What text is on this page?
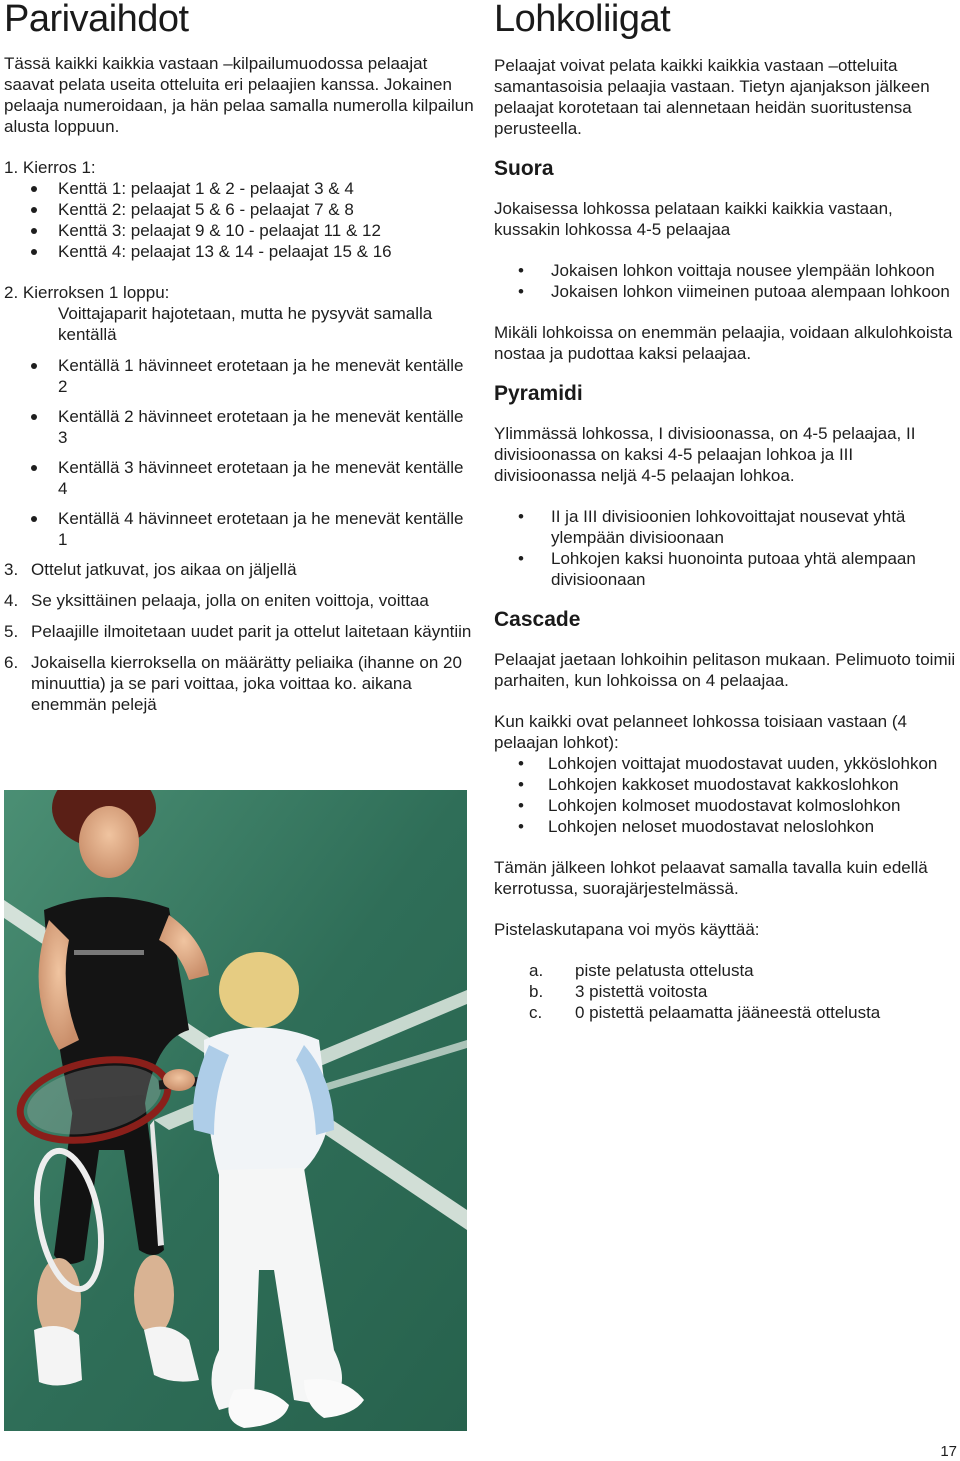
Parivaihdot

Tässä kaikki kaikkia vastaan –kilpailumuodossa pelaajat saavat pelata useita otteluita eri pelaajien kanssa. Jokainen pelaaja numeroidaan, ja hän pelaa samalla numerolla kilpailun alusta loppuun.

1. Kierros 1:

Kenttä 1: pelaajat 1 & 2 - pelaajat 3 & 4
Kenttä 2: pelaajat 5 & 6 - pelaajat 7 & 8
Kenttä 3: pelaajat 9 & 10 - pelaajat 11 & 12
Kenttä 4: pelaajat 13 & 14 - pelaajat 15 & 16

2. Kierroksen 1 loppu:

Voittajaparit hajotetaan, mutta he pysyvät samalla kentällä

Kentällä 1 hävinneet erotetaan ja he menevät kentälle 2
Kentällä 2 hävinneet erotetaan ja he menevät kentälle 3
Kentällä 3 hävinneet erotetaan ja he menevät kentälle 4
Kentällä 4 hävinneet erotetaan ja he menevät kentälle 1
3. Ottelut jatkuvat, jos aikaa on jäljellä
4. Se yksittäinen pelaaja, jolla on eniten voittoja, voittaa
5. Pelaajille ilmoitetaan uudet parit ja ottelut laitetaan käyntiin
6. Jokaisella kierroksella on määrätty peliaika (ihanne on 20 minuuttia) ja se pari voittaa, joka voittaa ko. aikana enemmän pelejä
Lohkoliigat

Pelaajat voivat pelata kaikki kaikkia vastaan –otteluita samantasoisia pelaajia vastaan. Tietyn ajanjakson jälkeen pelaajat korotetaan tai alennetaan heidän suoritustensa perusteella.

Suora

Jokaisessa lohkossa pelataan kaikki kaikkia vastaan, kussakin lohkossa 4-5 pelaajaa

• Jokaisen lohkon voittaja nousee ylempään lohkoon
• Jokaisen lohkon viimeinen putoaa alempaan lohkoon

Mikäli lohkoissa on enemmän pelaajia, voidaan alkulohkoista nostaa ja pudottaa kaksi pelaajaa.

Pyramidi

Ylimmässä lohkossa, I divisioonassa, on 4-5 pelaajaa, II divisioonassa on kaksi 4-5 pelaajan lohkoa ja III divisioonassa neljä 4-5 pelaajan lohkoa.

• II ja III divisioonien lohkovoittajat nousevat yhtä ylempään divisioonaan
• Lohkojen kaksi huonointa putoaa yhtä alempaan divisioonaan
Cascade

Pelaajat jaetaan lohkoihin pelitason mukaan. Pelimuoto toimii parhaiten, kun lohkoissa on 4 pelaajaa.

Kun kaikki ovat pelanneet lohkossa toisiaan vastaan (4 pelaajan lohkot):

• Lohkojen voittajat muodostavat uuden, ykköslohkon
• Lohkojen kakkoset muodostavat kakkoslohkon
• Lohkojen kolmoset muodostavat kolmoslohkon
• Lohkojen neloset muodostavat neloslohkon

Tämän jälkeen lohkot pelaavat samalla tavalla kuin edellä kerrotussa, suorajärjestelmässä.

Pistelaskutapana voi myös käyttää:

a. piste pelatusta ottelusta
b. 3 pistettä voitosta
c. 0 pistettä pelaamatta jääneestä ottelusta
17
